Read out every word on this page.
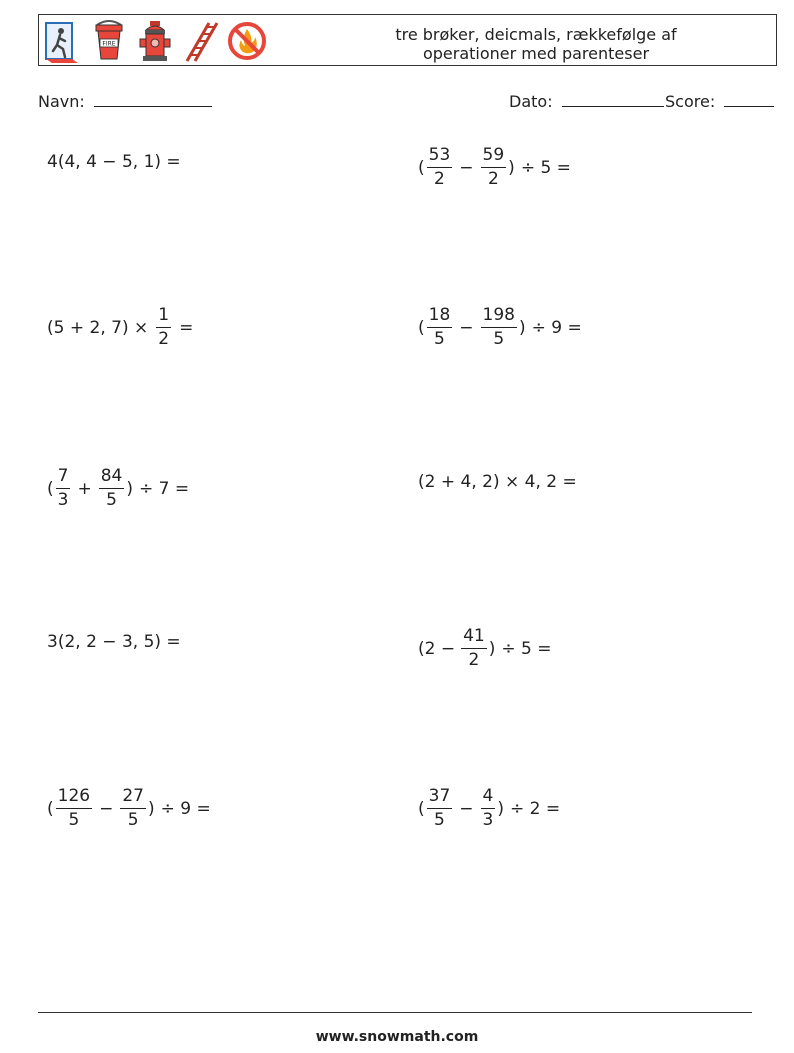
FIRE	tre brøker, deicmals, rækkefølge af
operationer med parenteser
Navn:	Dato:	Score:
4(4, 4 − 5, 1) =	( $\frac{53}{2} - \frac{59}{2}$ ) ÷ 5 =
(5 + 2, $7) \times \frac{1}{2}$ =	( $\frac{18}{5} - \frac{198}{5}$ ) ÷ 9 =
( $\frac{7}{3} + \frac{84}{5}$ ) ÷ 7 =	(2 + 4, 2) × 4, 2 =
3(2, 2 − 3, 5) =	($2 - \frac{41}{2}$ ) ÷ 5 =
( $\frac{126}{5} - \frac{27}{5}$ ) ÷ 9 =	( $\frac{37}{5} - \frac{4}{3}$ ) ÷ 2 =
www.snowmath.com
